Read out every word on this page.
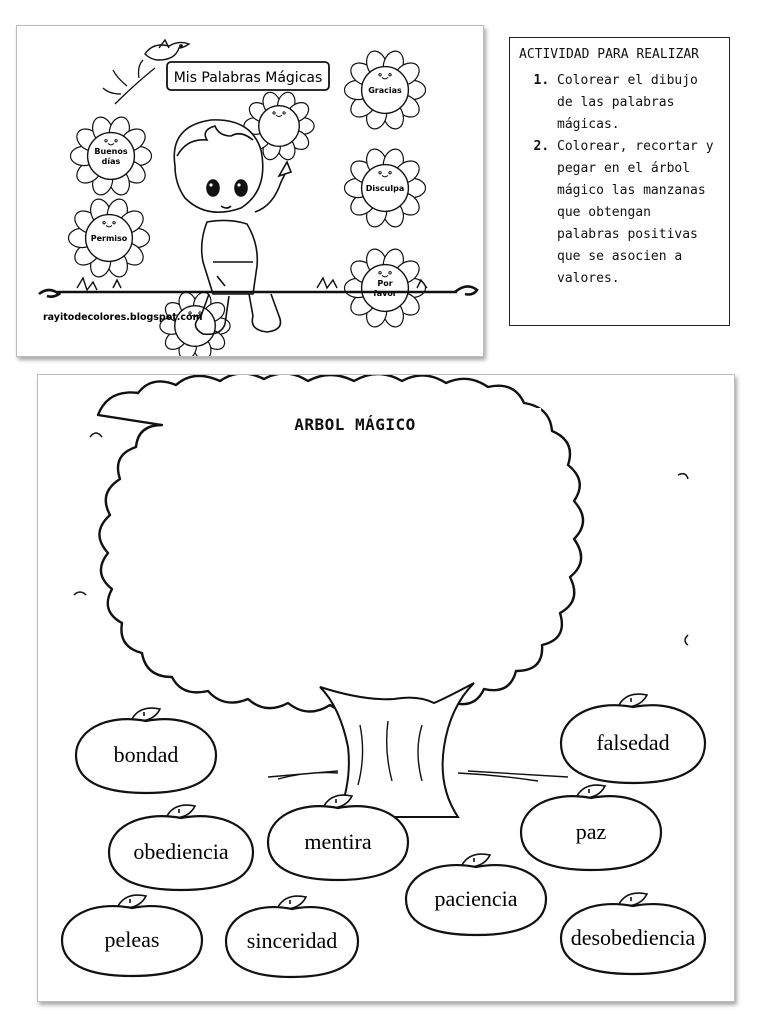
Mis Palabras Mágicas
Gracias
Buenos
días
Disculpa
Permiso
Por
favor
rayitodecolores.blogspot.com

ACTIVIDAD PARA REALIZAR

1. Colorear el dibujo de las palabras mágicas.
2. Colorear, recortar y pegar en el árbol mágico las manzanas que obtengan palabras positivas que se asocien a valores.
bondad	falsedad
obediencia	mentira	paz
paciencia
peleas	sinceridad	desobediencia
ARBOL MÁGICO
